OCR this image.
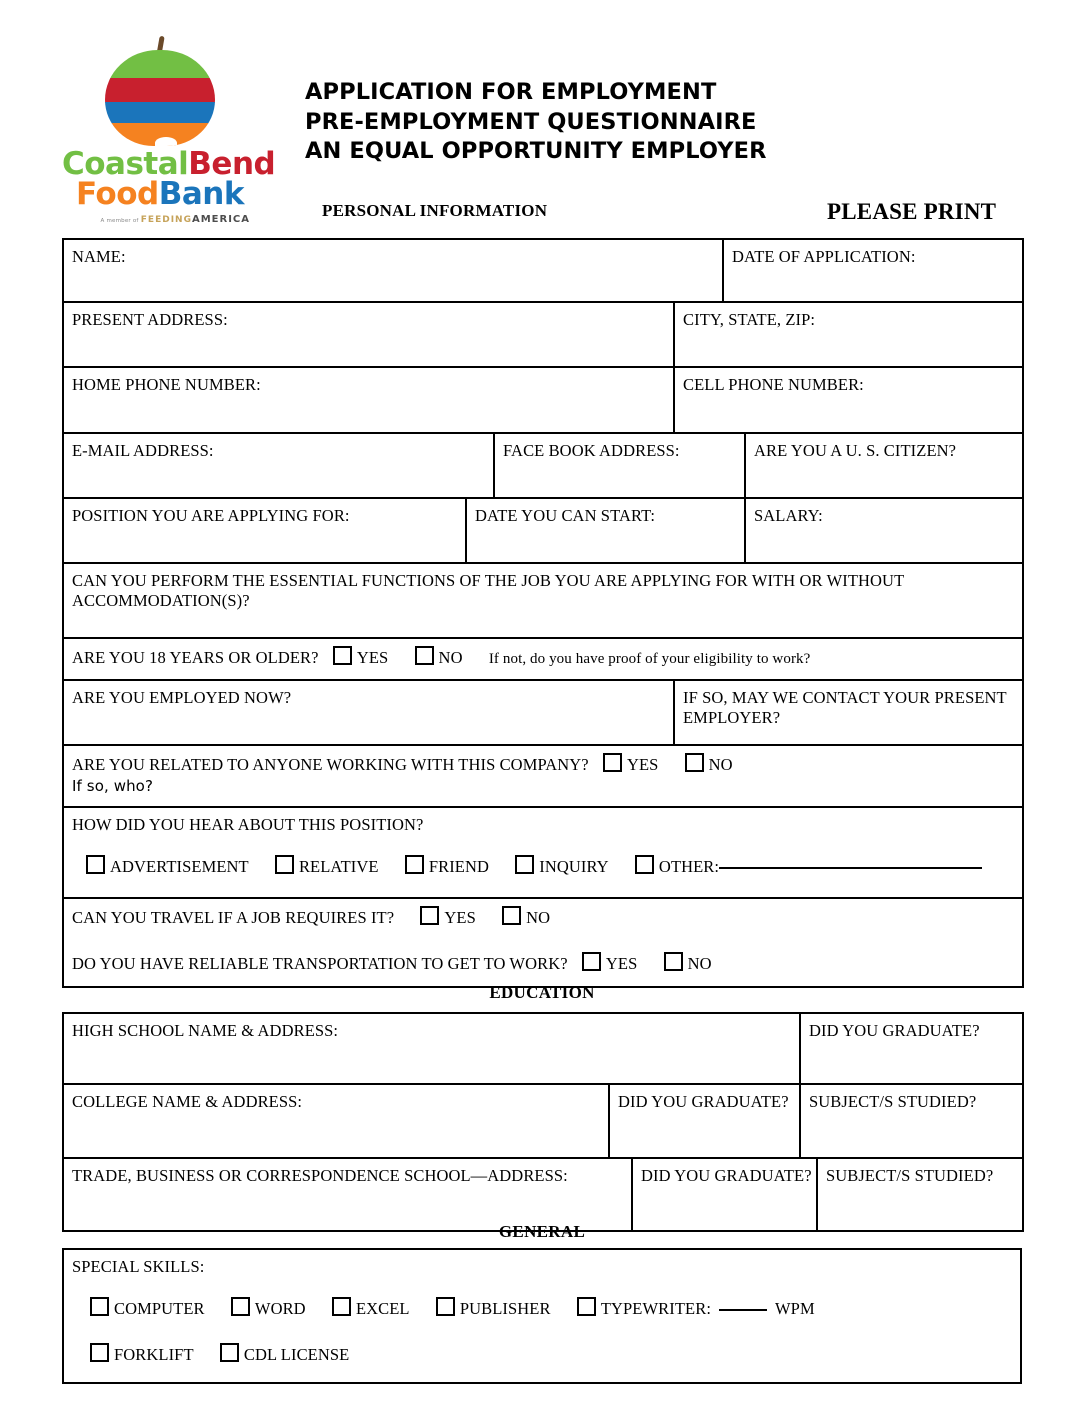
CoastalBend
FoodBank
A member of FEEDINGAMERICA
APPLICATION FOR EMPLOYMENT
PRE-EMPLOYMENT QUESTIONNAIRE
AN EQUAL OPPORTUNITY EMPLOYER
PERSONAL INFORMATION	PLEASE PRINT
NAME:				DATE OF APPLICATION:	
PRESENT ADDRESS:			CITY, STATE, ZIP:		
HOME PHONE NUMBER:			CELL PHONE NUMBER:		
E-MAIL ADDRESS:		FACE BOOK ADDRESS:			ARE YOU A U. S. CITIZEN?
POSITION YOU ARE APPLYING FOR:	DATE YOU CAN START:				SALARY:
CAN YOU PERFORM THE ESSENTIAL FUNCTIONS OF THE JOB YOU ARE APPLYING FOR WITH OR WITHOUT ACCOMMODATION(S)?					
ARE YOU 18 YEARS OR OLDER? YES NO If not, do you have proof of your eligibility to work?					
ARE YOU EMPLOYED NOW?			IF SO, MAY WE CONTACT YOUR PRESENT EMPLOYER?		
ARE YOU RELATED TO ANYONE WORKING WITH THIS COMPANY? YES NO
If so, who?					

HOW DID YOU HEAR ABOUT THIS POSITION?
ADVERTISEMENT RELATIVE FRIEND INQUIRY OTHER:					

CAN YOU TRAVEL IF A JOB REQUIRES IT? YES NO
DO YOU HAVE RELIABLE TRANSPORTATION TO GET TO WORK? YES NO					
EDUCATION
HIGH SCHOOL NAME & ADDRESS:			DID YOU GRADUATE?	
COLLEGE NAME & ADDRESS:	DID YOU GRADUATE?		SUBJECT/S STUDIED?	
TRADE, BUSINESS OR CORRESPONDENCE SCHOOL—ADDRESS:		DID YOU GRADUATE?		SUBJECT/S STUDIED?
GENERAL
SPECIAL SKILLS:
COMPUTER	WORD	EXCEL	PUBLISHER	TYPEWRITER:	WPM
FORKLIFT	CDL LICENSE
